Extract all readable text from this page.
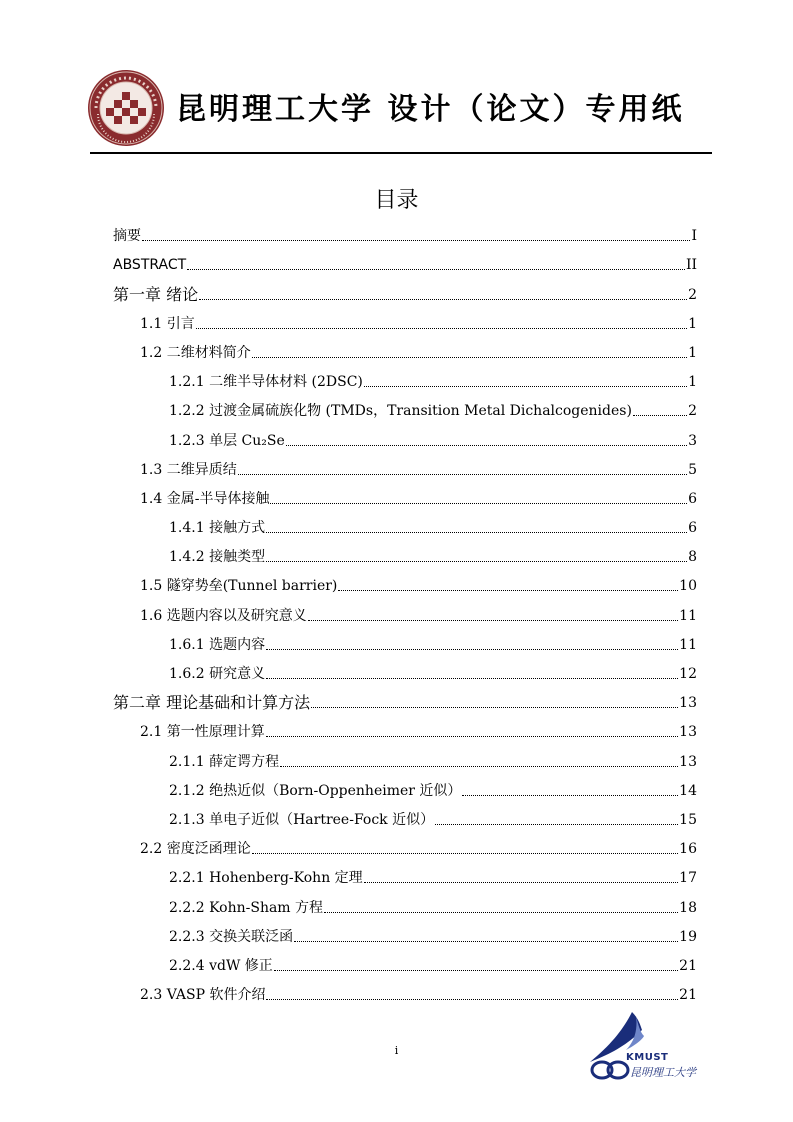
昆明理工大学 设计（论文）专用纸
目录
摘要	I
ABSTRACT	II
第一章 绪论	2
1.1 引言	1
1.2 二维材料简介	1
1.2.1 二维半导体材料 (2DSC)	1
1.2.2 过渡金属硫族化物 (TMDs，Transition Metal Dichalcogenides)	2
1.2.3 单层 Cu₂Se	3
1.3 二维异质结	5
1.4 金属-半导体接触	6
1.4.1 接触方式	6
1.4.2 接触类型	8
1.5 隧穿势垒(Tunnel barrier)	10
1.6 选题内容以及研究意义	11
1.6.1 选题内容	11
1.6.2 研究意义	12
第二章 理论基础和计算方法	13
2.1 第一性原理计算	13
2.1.1 薛定谔方程	13
2.1.2 绝热近似（Born-Oppenheimer 近似）	14
2.1.3 单电子近似（Hartree-Fock 近似）	15
2.2 密度泛函理论	16
2.2.1 Hohenberg-Kohn 定理	17
2.2.2 Kohn-Sham 方程	18
2.2.3 交换关联泛函	19
2.2.4 vdW 修正	21
2.3 VASP 软件介绍	21
i
KMUST
昆明理工大学
